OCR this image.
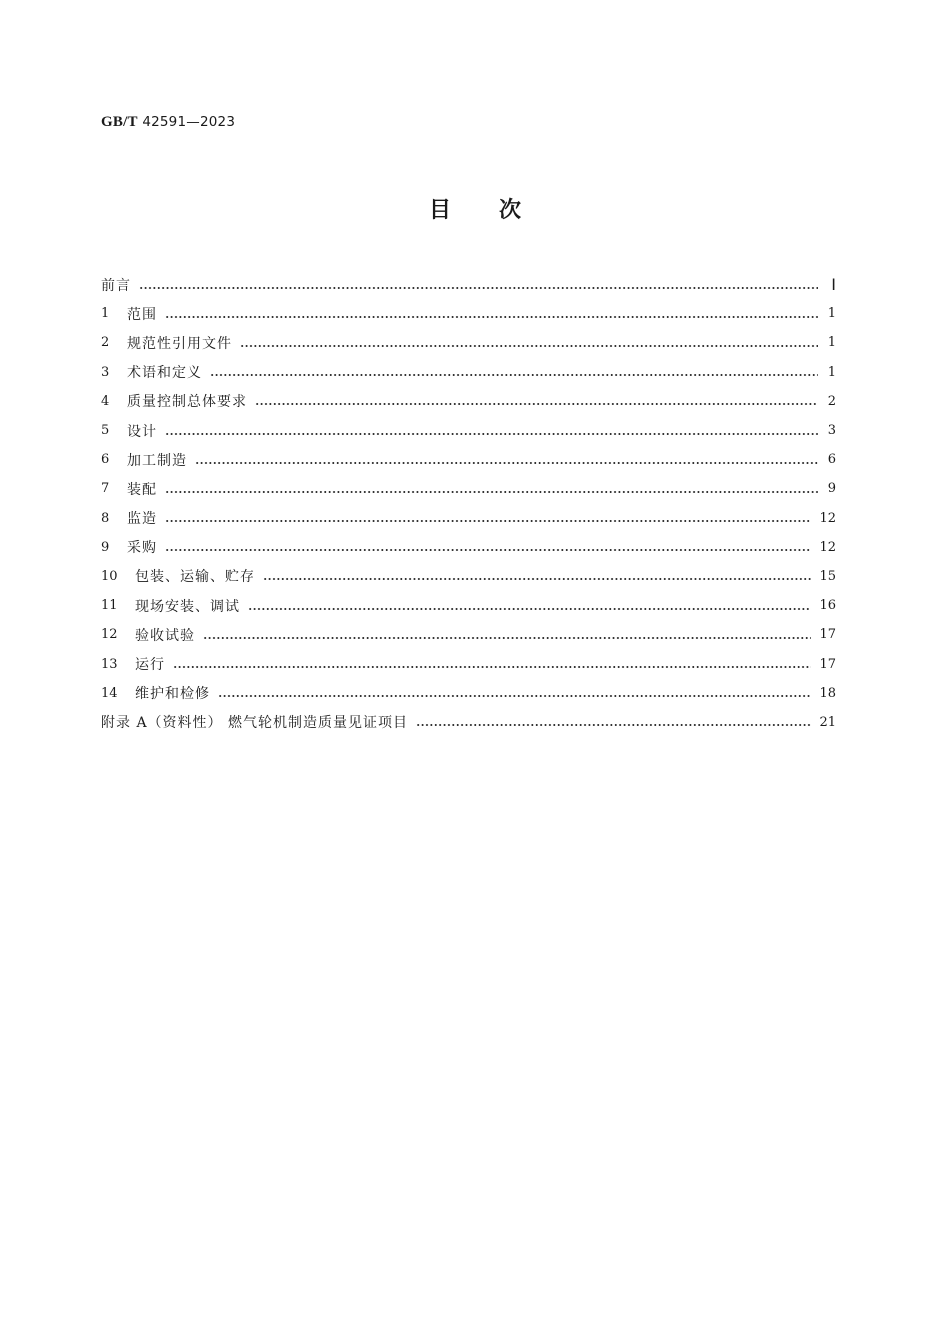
GB/T 42591—2023
目 次
前言	Ⅰ
1	范围	1
2	规范性引用文件	1
3	术语和定义	1
4	质量控制总体要求	2
5	设计	3
6	加工制造	6
7	装配	9
8	监造	12
9	采购	12
10	包装、运输、贮存	15
11	现场安装、调试	16
12	验收试验	17
13	运行	17
14	维护和检修	18
附录 A（资料性） 燃气轮机制造质量见证项目	21
